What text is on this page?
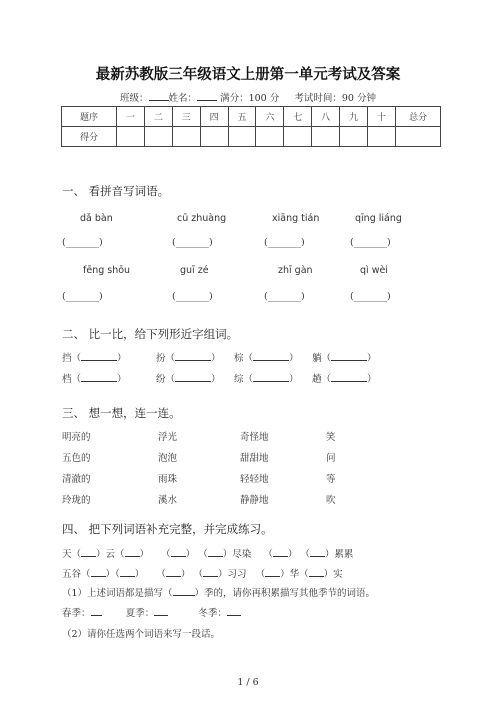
最新苏教版三年级语文上册第一单元考试及答案
班级： 姓名： 满分：100 分 考试时间：90 分钟
题序	一	二	三	四	五	六	七	八	九	十	总分
得分											
一、 看拼音写词语。
dǎ bàn	cū zhuàng	xiāng tián	qīng liáng
(_______)	(_______)	(_______)	(_______)
fēng shōu	guī zé	zhī gàn	qì wèi
(_______)	(_______)	(_______)	(_______)
二、 比一比，给下列形近字组词。
挡（	）	扮（	） 棕（	） 躺（	）
档（	）	纷（	） 综（	） 趟（	）
三、 想一想，连一连。
明亮的	浮光	奇怪地	笑
五色的	泡泡	甜甜地	问
清澈的	雨珠	轻轻地	等
玲珑的	溪水	静静地	吹
四、 把下列词语补充完整，并完成练习。
天（ ）云（ ） （ ） （ ）尽染 （ ） （ ）累累
五谷（ ）（ ） （ ） （ ）习习 （ ）华（ ）实
（1）上述词语都是描写（ ）季的，请你再积累描写其他季节的词语。
春季：	夏季：	冬季：
（2）请你任选两个词语来写一段话。
1 / 6
